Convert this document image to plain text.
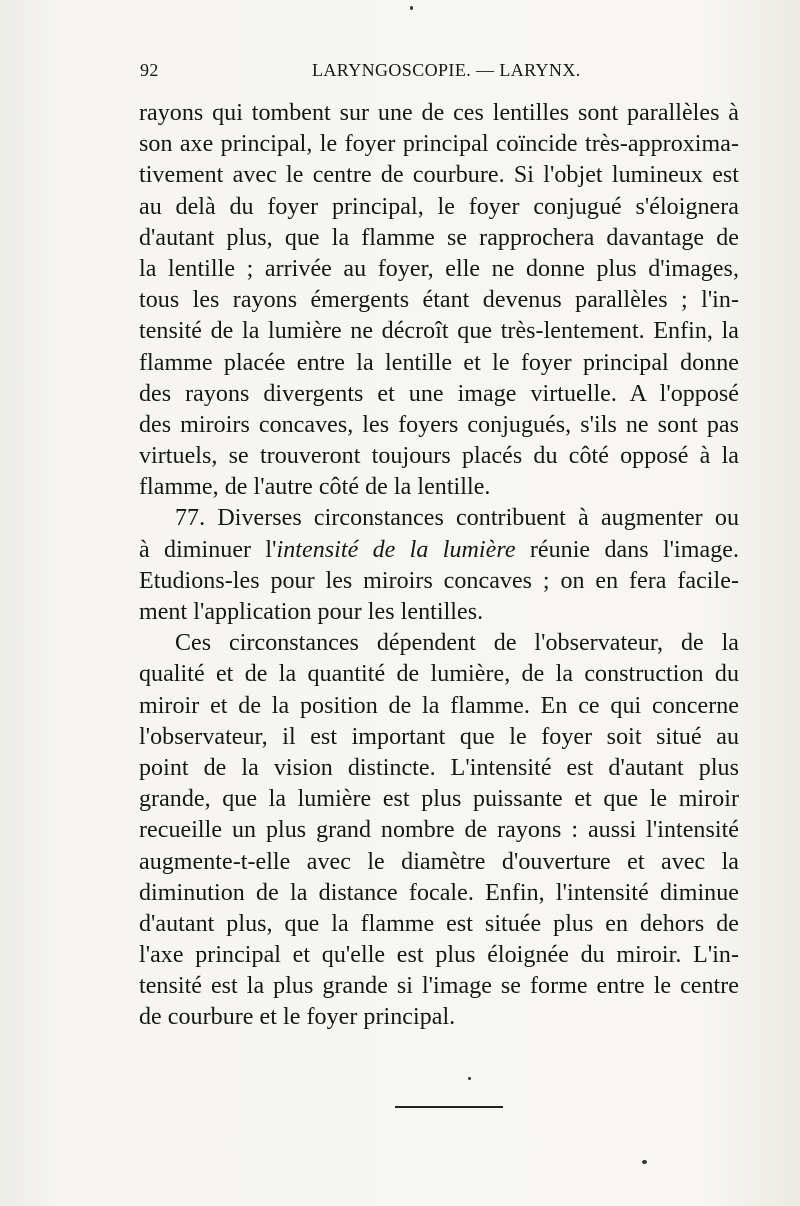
92	LARYNGOSCOPIE. — LARYNX.
rayons qui tombent sur une de ces lentilles sont parallèles à
son axe principal, le foyer principal coïncide très-approxima-
tivement avec le centre de courbure. Si l'objet lumineux est
au delà du foyer principal, le foyer conjugué s'éloignera
d'autant plus, que la flamme se rapprochera davantage de
la lentille ; arrivée au foyer, elle ne donne plus d'images,
tous les rayons émergents étant devenus parallèles ; l'in-
tensité de la lumière ne décroît que très-lentement. Enfin, la
flamme placée entre la lentille et le foyer principal donne
des rayons divergents et une image virtuelle. A l'opposé
des miroirs concaves, les foyers conjugués, s'ils ne sont pas
virtuels, se trouveront toujours placés du côté opposé à la
flamme, de l'autre côté de la lentille.
77. Diverses circonstances contribuent à augmenter ou
à diminuer l'intensité de la lumière réunie dans l'image.
Etudions-les pour les miroirs concaves ; on en fera facile-
ment l'application pour les lentilles.
Ces circonstances dépendent de l'observateur, de la
qualité et de la quantité de lumière, de la construction du
miroir et de la position de la flamme. En ce qui concerne
l'observateur, il est important que le foyer soit situé au
point de la vision distincte. L'intensité est d'autant plus
grande, que la lumière est plus puissante et que le miroir
recueille un plus grand nombre de rayons : aussi l'intensité
augmente-t-elle avec le diamètre d'ouverture et avec la
diminution de la distance focale. Enfin, l'intensité diminue
d'autant plus, que la flamme est située plus en dehors de
l'axe principal et qu'elle est plus éloignée du miroir. L'in-
tensité est la plus grande si l'image se forme entre le centre
de courbure et le foyer principal.
